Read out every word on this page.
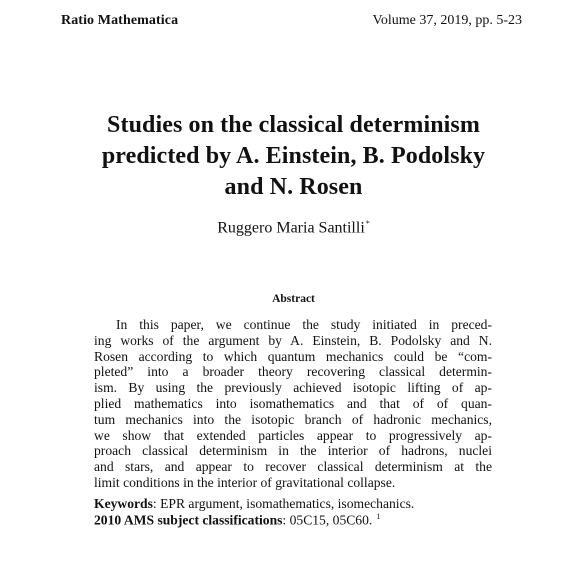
Ratio Mathematica	Volume 37, 2019, pp. 5-23
Studies on the classical determinism
predicted by A. Einstein, B. Podolsky
and N. Rosen
Ruggero Maria Santilli*
Abstract
In this paper, we continue the study initiated in preced-
ing works of the argument by A. Einstein, B. Podolsky and N.
Rosen according to which quantum mechanics could be “com-
pleted” into a broader theory recovering classical determin-
ism. By using the previously achieved isotopic lifting of ap-
plied mathematics into isomathematics and that of of quan-
tum mechanics into the isotopic branch of hadronic mechanics,
we show that extended particles appear to progressively ap-
proach classical determinism in the interior of hadrons, nuclei
and stars, and appear to recover classical determinism at the
limit conditions in the interior of gravitational collapse.
Keywords: EPR argument, isomathematics, isomechanics.
2010 AMS subject classifications: 05C15, 05C60. $^1$
